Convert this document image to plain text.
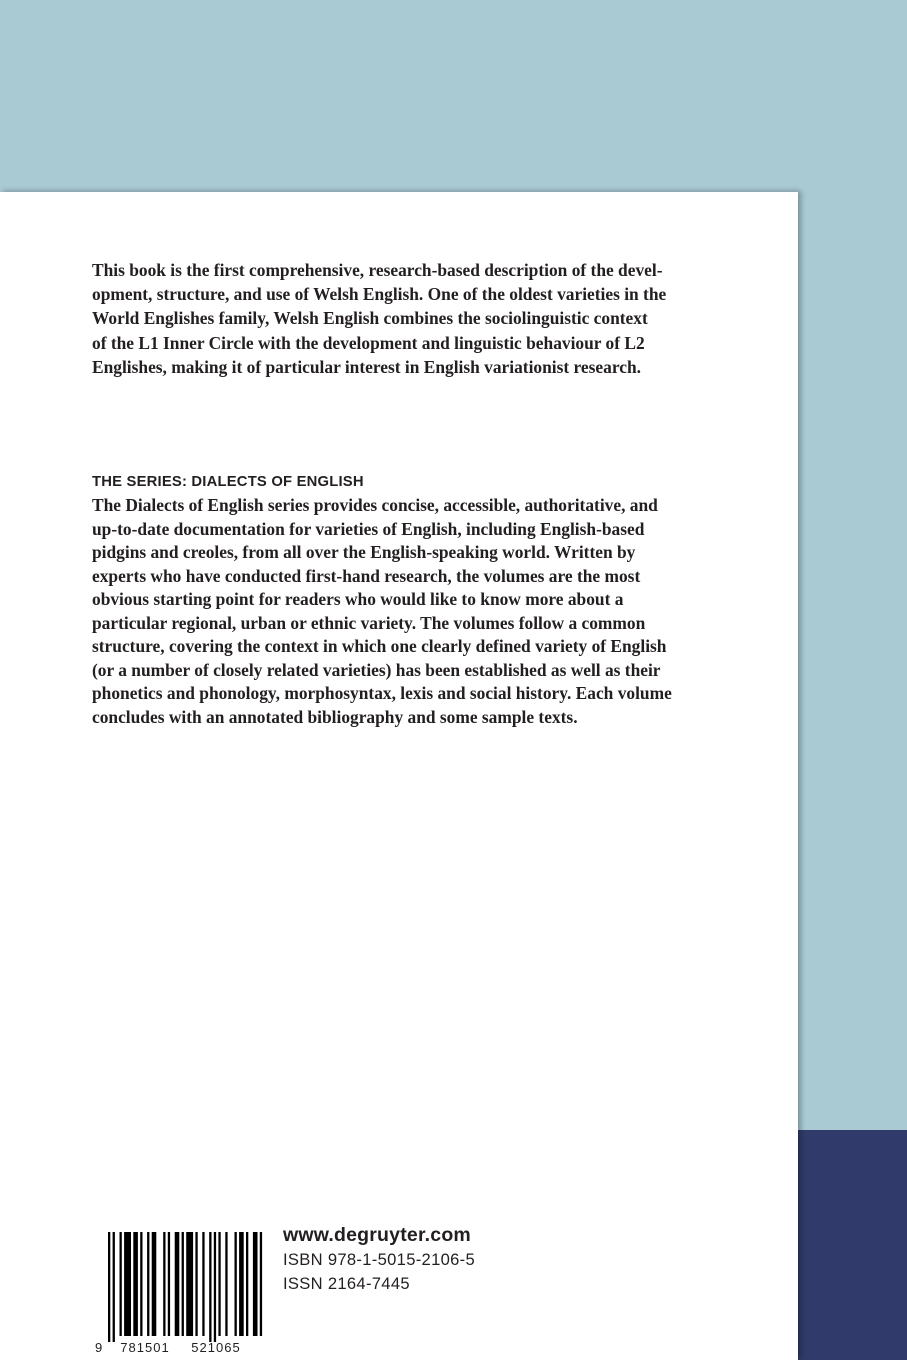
This book is the first comprehensive, research-based description of the devel-
opment, structure, and use of Welsh English. One of the oldest varieties in the
World Englishes family, Welsh English combines the sociolinguistic context
of the L1 Inner Circle with the development and linguistic behaviour of L2
Englishes, making it of particular interest in English variationist research.

THE SERIES: DIALECTS OF ENGLISH

The Dialects of English series provides concise, accessible, authoritative, and
up-to-date documentation for varieties of English, including English-based
pidgins and creoles, from all over the English-speaking world. Written by
experts who have conducted first-hand research, the volumes are the most
obvious starting point for readers who would like to know more about a
particular regional, urban or ethnic variety. The volumes follow a common
structure, covering the context in which one clearly defined variety of English
(or a number of closely related varieties) has been established as well as their
phonetics and phonology, morphosyntax, lexis and social history. Each volume
concludes with an annotated bibliography and some sample texts.

9 781501 521065
www.degruyter.com
ISBN 978-1-5015-2106-5
ISSN 2164-7445
